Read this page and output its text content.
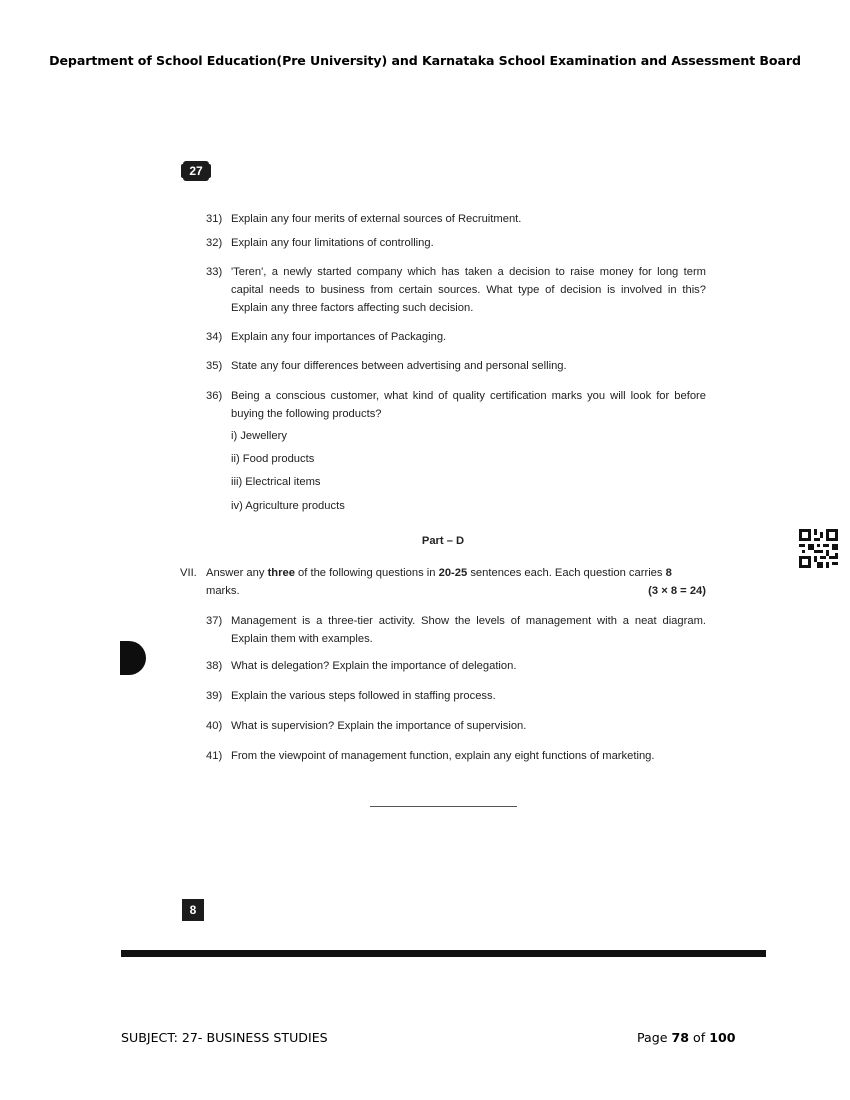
Department of School Education(Pre University) and Karnataka School Examination and Assessment Board
27
31) Explain any four merits of external sources of Recruitment.
32) Explain any four limitations of controlling.
33) 'Teren', a newly started company which has taken a decision to raise money for long term capital needs to business from certain sources. What type of decision is involved in this? Explain any three factors affecting such decision.
34) Explain any four importances of Packaging.
35) State any four differences between advertising and personal selling.
36) Being a conscious customer, what kind of quality certification marks you will look for before buying the following products?
i) Jewellery
ii) Food products
iii) Electrical items
iv) Agriculture products
Part – D
VII. Answer any three of the following questions in 20-25 sentences each. Each question carries 8 marks.	(3 × 8 = 24)
37) Management is a three-tier activity. Show the levels of management with a neat diagram. Explain them with examples.
38) What is delegation? Explain the importance of delegation.
39) Explain the various steps followed in staffing process.
40) What is supervision? Explain the importance of supervision.
41) From the viewpoint of management function, explain any eight functions of marketing.
8
SUBJECT: 27- BUSINESS STUDIES	Page 78 of 100
